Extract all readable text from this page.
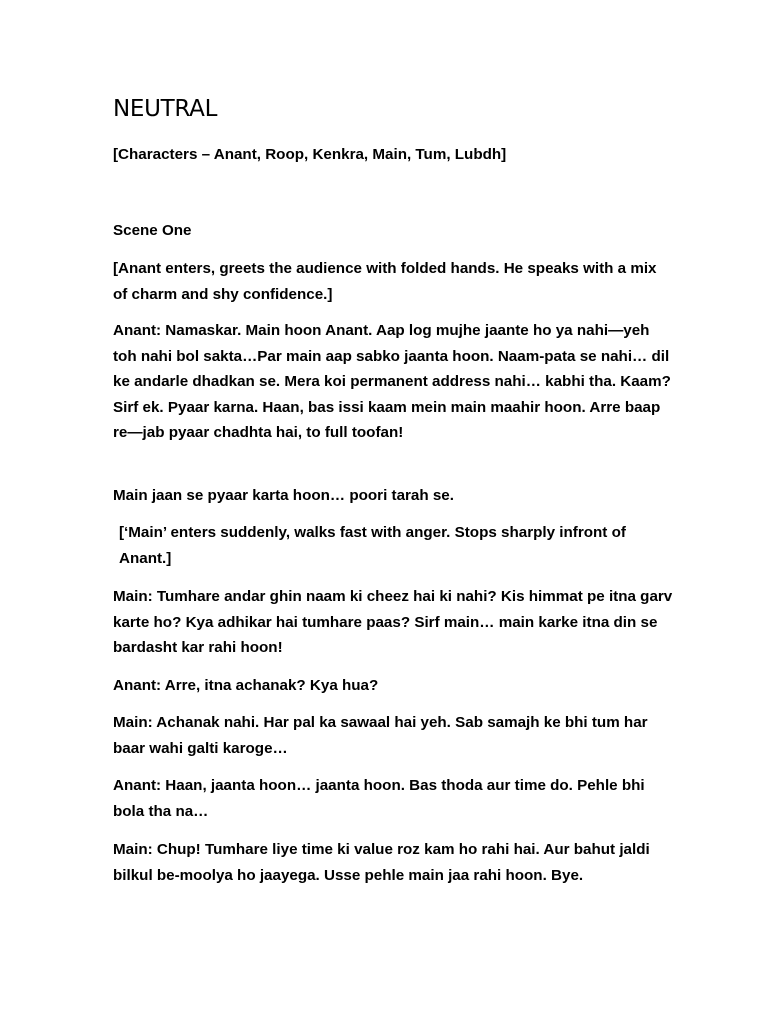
NEUTRAL

[Characters – Anant, Roop, Kenkra, Main, Tum, Lubdh]

Scene One

[Anant enters, greets the audience with folded hands. He speaks with a mix of charm and shy confidence.]

Anant: Namaskar. Main hoon Anant. Aap log mujhe jaante ho ya nahi—yeh toh nahi bol sakta…Par main aap sabko jaanta hoon. Naam-pata se nahi… dil ke andarle dhadkan se. Mera koi permanent address nahi… kabhi tha. Kaam? Sirf ek. Pyaar karna. Haan, bas issi kaam mein main maahir hoon. Arre baap re—jab pyaar chadhta hai, to full toofan!

Main jaan se pyaar karta hoon… poori tarah se.

[‘Main’ enters suddenly, walks fast with anger. Stops sharply infront of Anant.]

Main: Tumhare andar ghin naam ki cheez hai ki nahi? Kis himmat pe itna garv karte ho? Kya adhikar hai tumhare paas? Sirf main… main karke itna din se bardasht kar rahi hoon!

Anant: Arre, itna achanak? Kya hua?

Main: Achanak nahi. Har pal ka sawaal hai yeh. Sab samajh ke bhi tum har baar wahi galti karoge…

Anant: Haan, jaanta hoon… jaanta hoon. Bas thoda aur time do. Pehle bhi bola tha na…

Main: Chup! Tumhare liye time ki value roz kam ho rahi hai. Aur bahut jaldi bilkul be-moolya ho jaayega. Usse pehle main jaa rahi hoon. Bye.
